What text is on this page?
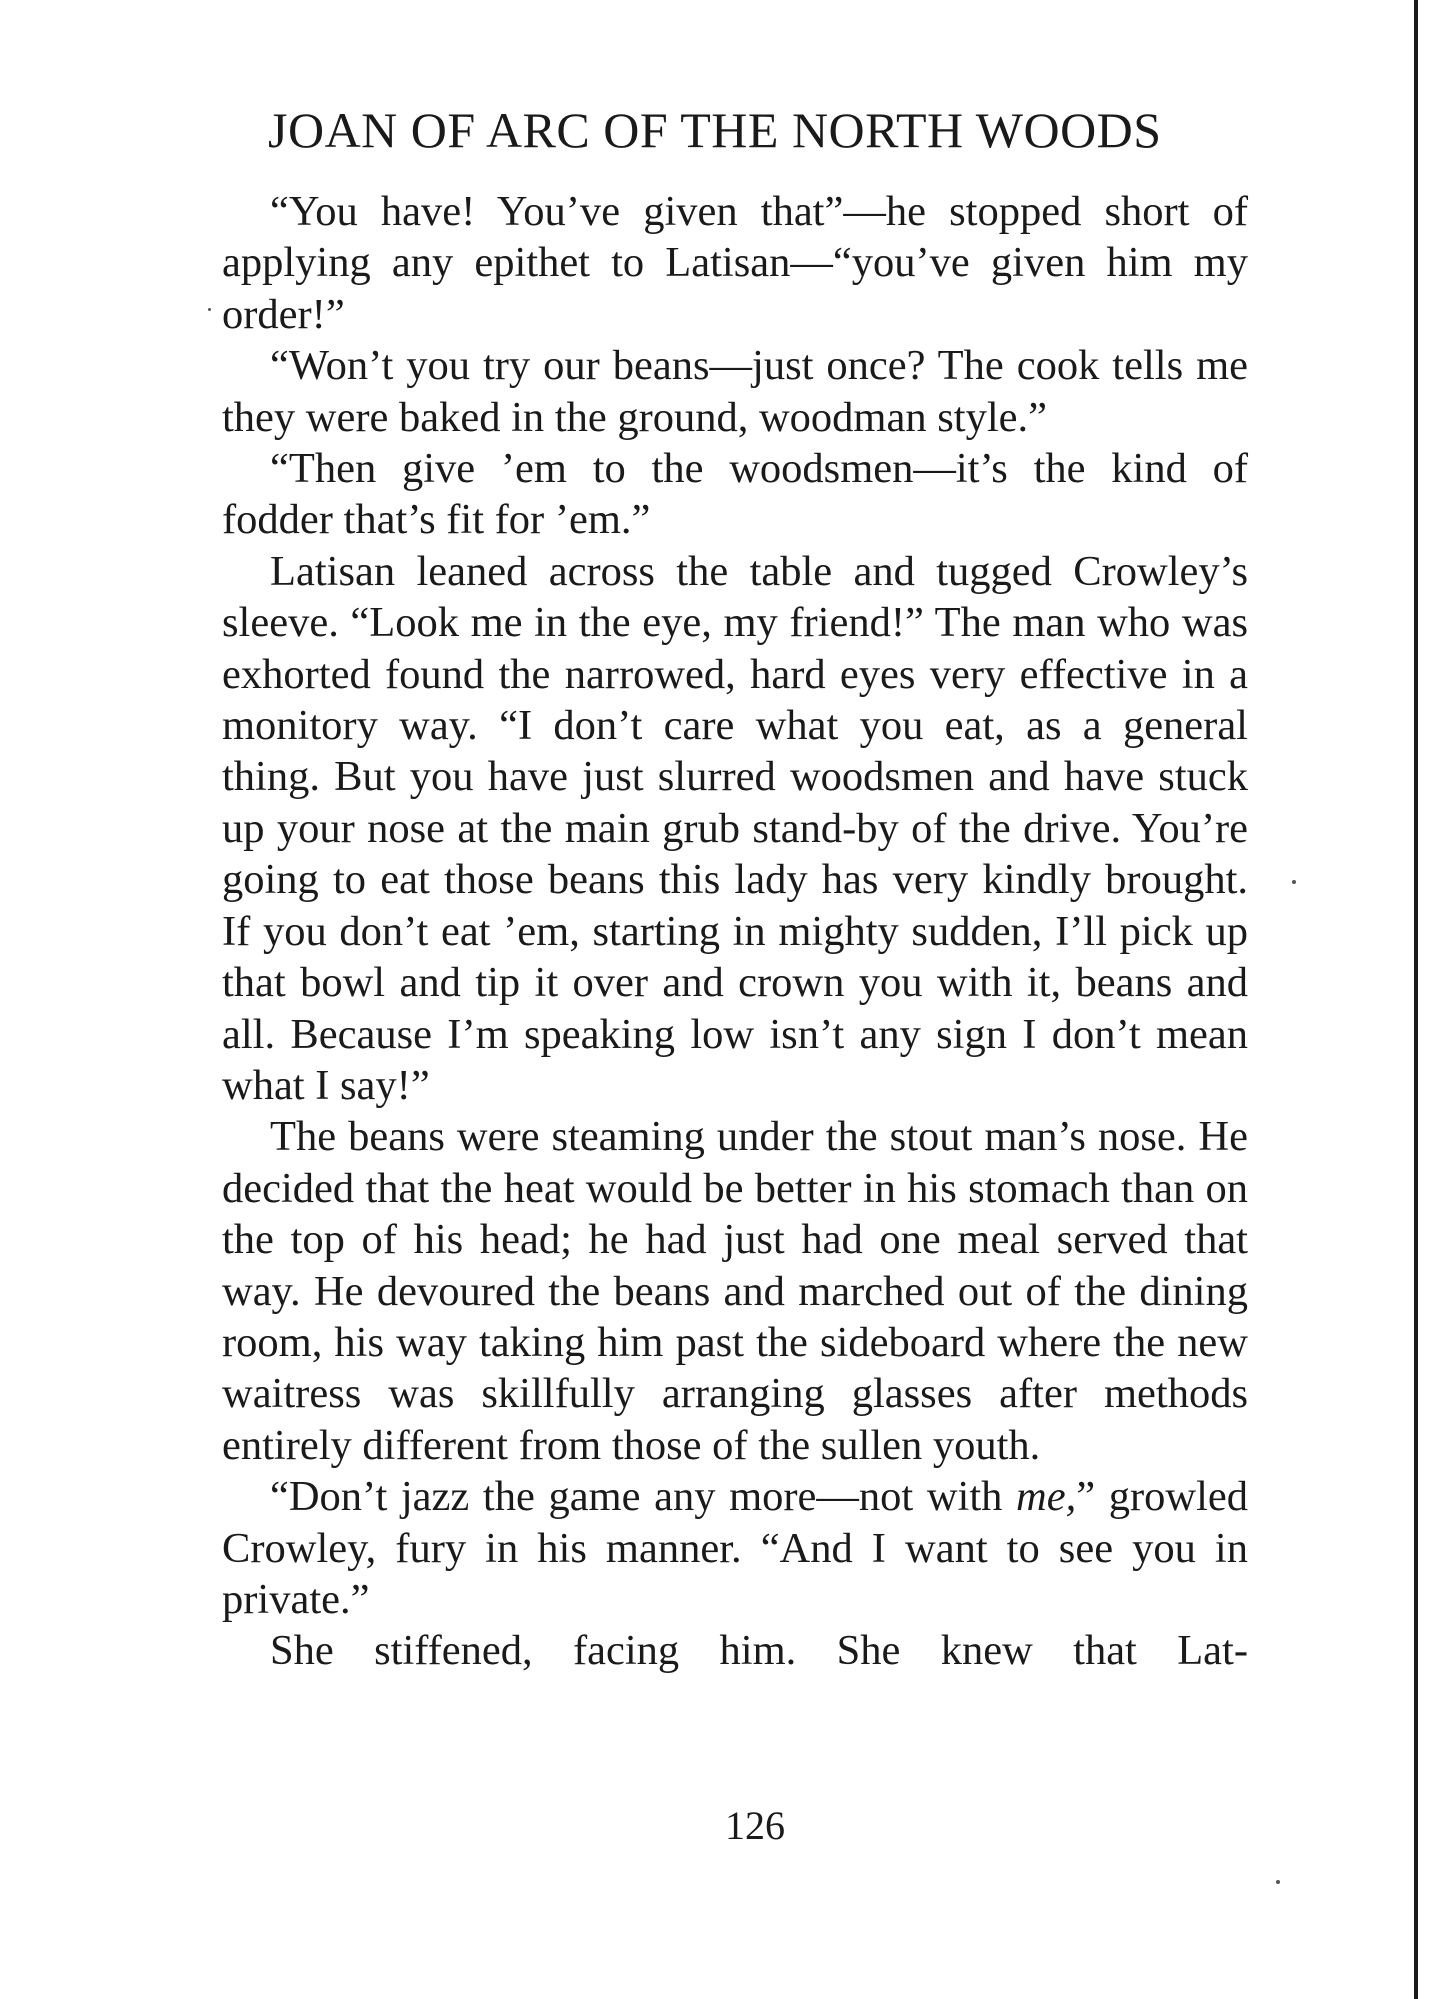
JOAN OF ARC OF THE NORTH WOODS

“You have! You’ve given that”—he stopped short of applying any epithet to Latisan—“you’ve given him my order!”

“Won’t you try our beans—just once? The cook tells me they were baked in the ground, woodman style.”

“Then give ’em to the woodsmen—it’s the kind of fodder that’s fit for ’em.”

Latisan leaned across the table and tugged Crowley’s sleeve. “Look me in the eye, my friend!” The man who was exhorted found the narrowed, hard eyes very effective in a monitory way. “I don’t care what you eat, as a general thing. But you have just slurred woodsmen and have stuck up your nose at the main grub stand-by of the drive. You’re going to eat those beans this lady has very kindly brought. If you don’t eat ’em, starting in mighty sudden, I’ll pick up that bowl and tip it over and crown you with it, beans and all. Because I’m speaking low isn’t any sign I don’t mean what I say!”

The beans were steaming under the stout man’s nose. He decided that the heat would be better in his stomach than on the top of his head; he had just had one meal served that way. He devoured the beans and marched out of the dining room, his way taking him past the sideboard where the new waitress was skillfully arranging glasses after methods entirely different from those of the sullen youth.

“Don’t jazz the game any more—not with me,” growled Crowley, fury in his manner. “And I want to see you in private.”

She stiffened, facing him. She knew that Lat-

126
